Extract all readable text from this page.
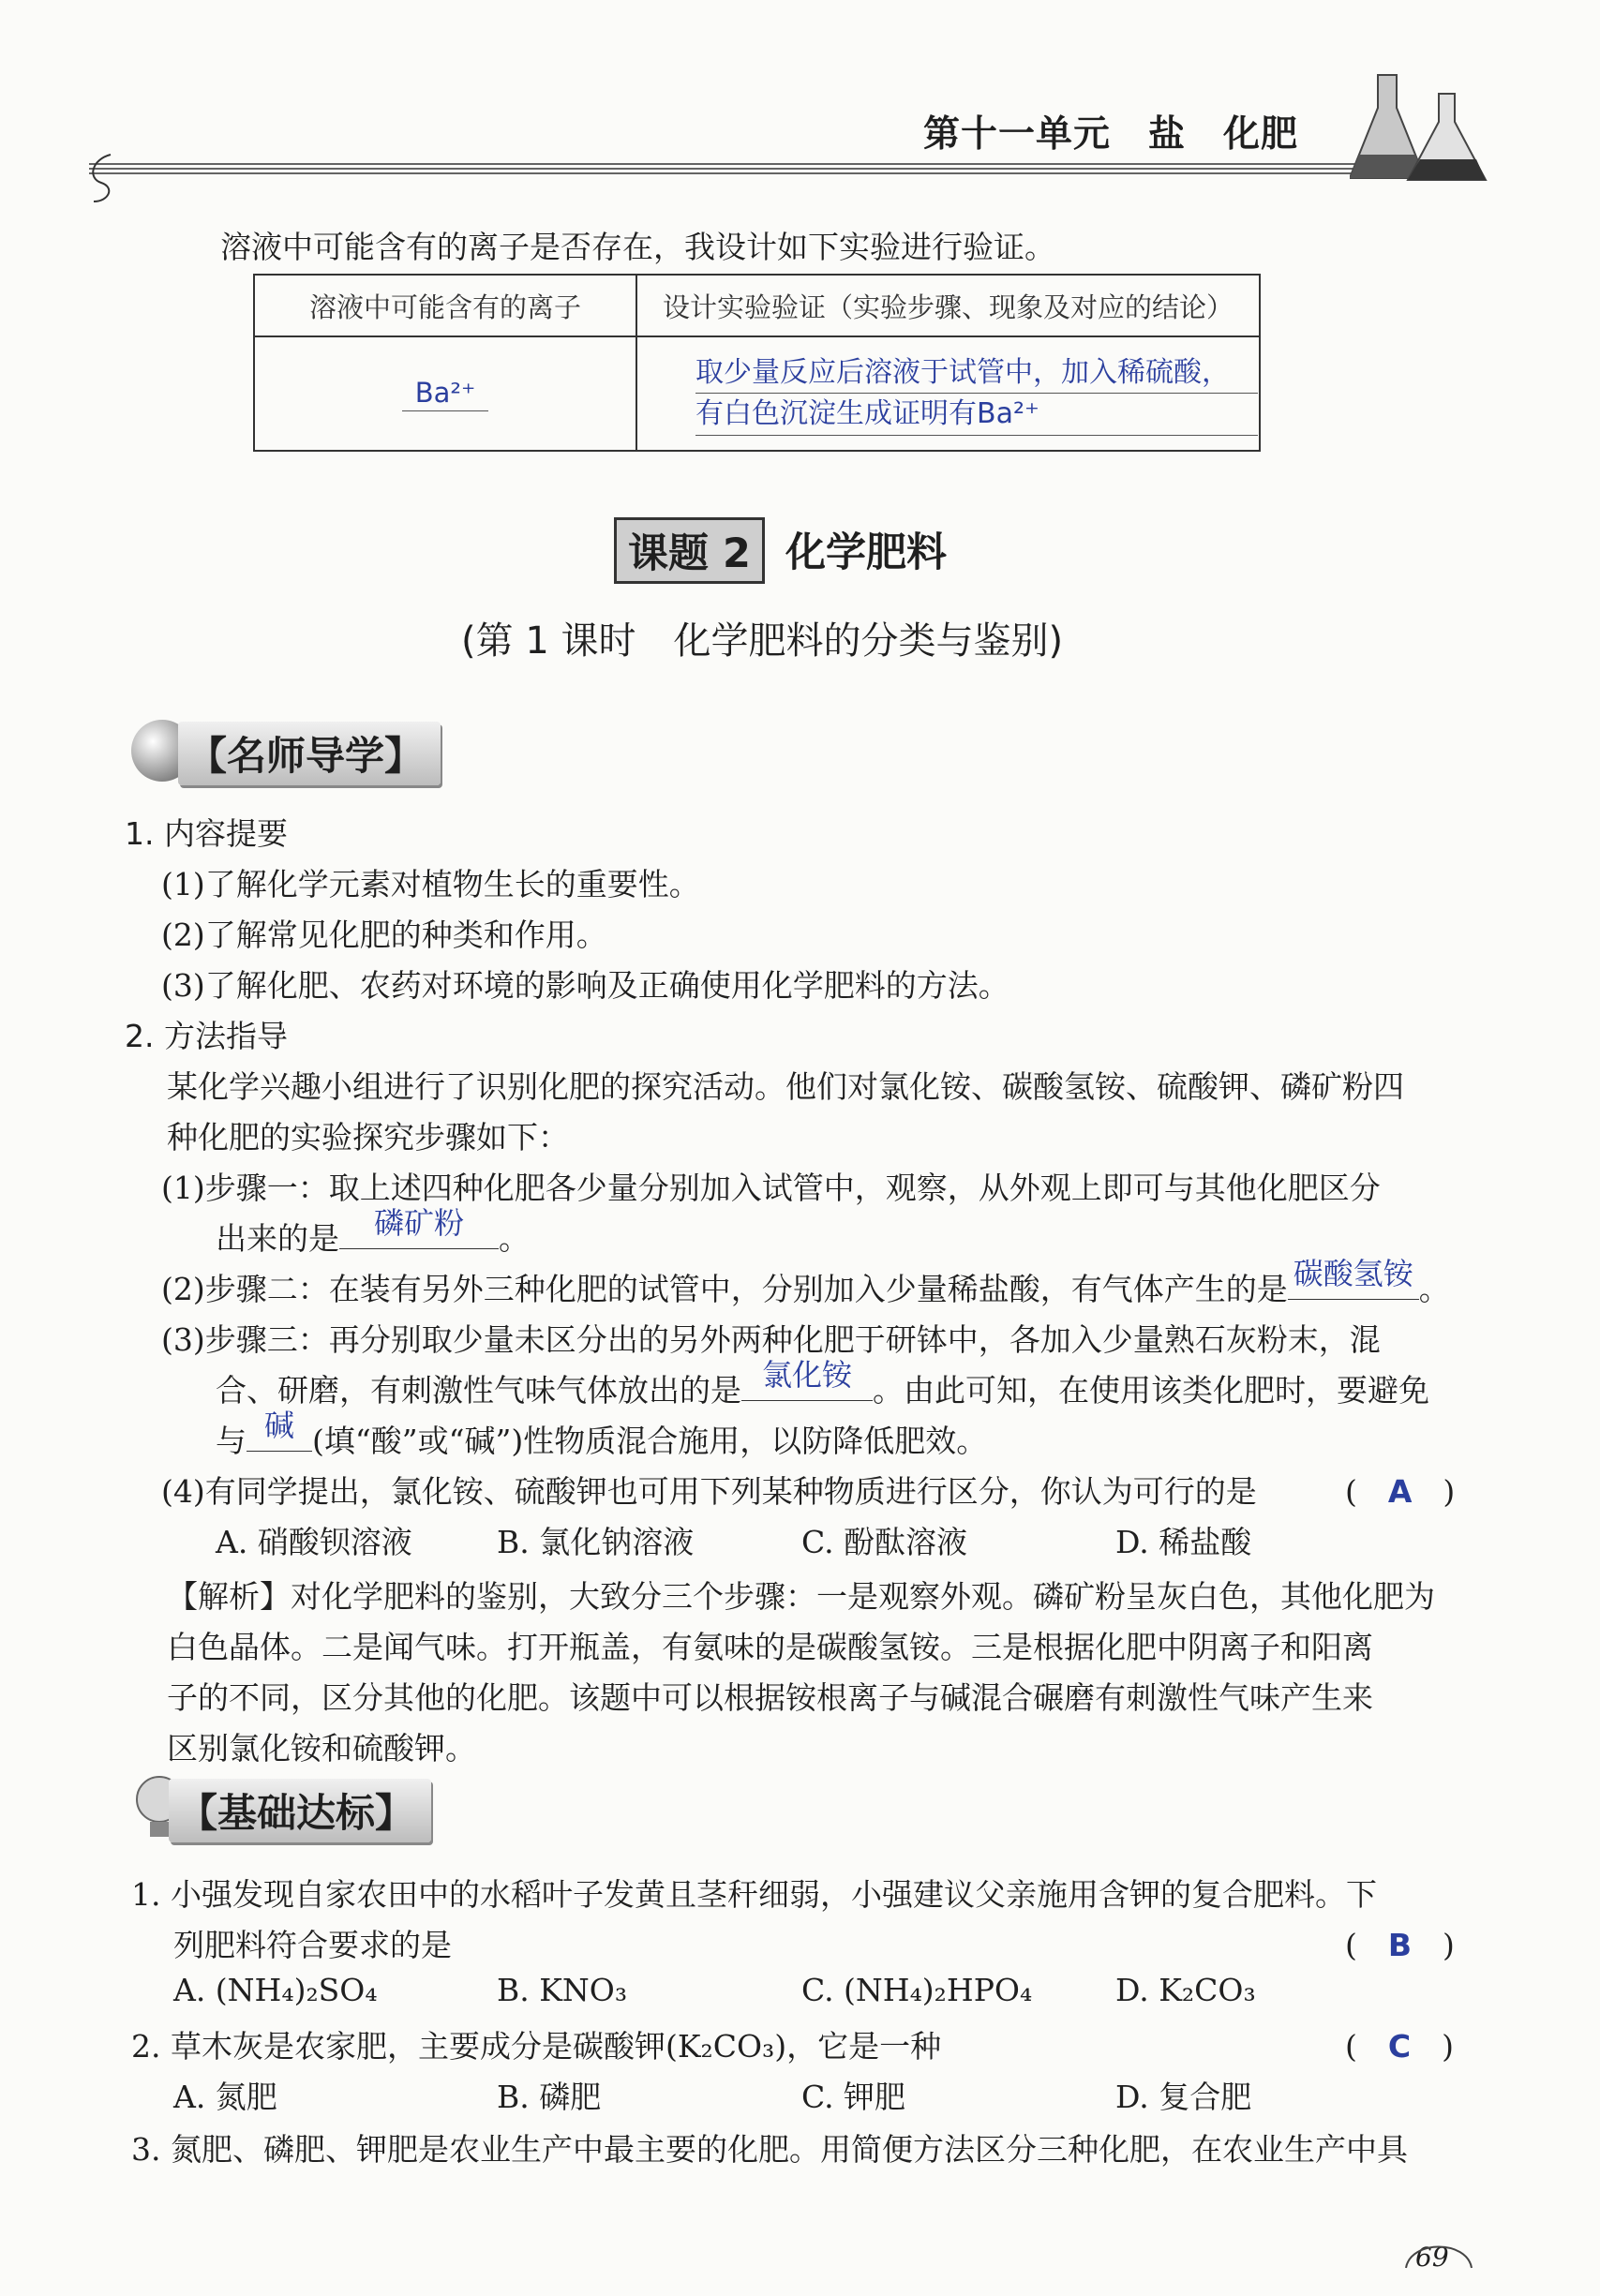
第十一单元　盐　化肥
溶液中可能含有的离子是否存在，我设计如下实验进行验证。
溶液中可能含有的离子	设计实验验证（实验步骤、现象及对应的结论）
Ba²⁺	取少量反应后溶液于试管中，加入稀硫酸，
有白色沉淀生成证明有Ba²⁺
课题 2 化学肥料
(第 1 课时　化学肥料的分类与鉴别)
【名师导学】
1. 内容提要
(1)了解化学元素对植物生长的重要性。
(2)了解常见化肥的种类和作用。
(3)了解化肥、农药对环境的影响及正确使用化学肥料的方法。
2. 方法指导
某化学兴趣小组进行了识别化肥的探究活动。他们对氯化铵、碳酸氢铵、硫酸钾、磷矿粉四
种化肥的实验探究步骤如下：
(1)步骤一：取上述四种化肥各少量分别加入试管中，观察，从外观上即可与其他化肥区分
出来的是	磷矿粉	。
(2)步骤二：在装有另外三种化肥的试管中，分别加入少量稀盐酸，有气体产生的是 碳酸氢铵 。
(3)步骤三：再分别取少量未区分出的另外两种化肥于研钵中，各加入少量熟石灰粉末，混
合、研磨，有刺激性气味气体放出的是 氯化铵 。由此可知，在使用该类化肥时，要避免
与 碱 (填“酸”或“碱”)性物质混合施用，以防降低肥效。
(4)有同学提出，氯化铵、硫酸钾也可用下列某种物质进行区分，你认为可行的是	(　A　)
A. 硝酸钡溶液	B. 氯化钠溶液	C. 酚酞溶液	D. 稀盐酸
【解析】对化学肥料的鉴别，大致分三个步骤：一是观察外观。磷矿粉呈灰白色，其他化肥为
白色晶体。二是闻气味。打开瓶盖，有氨味的是碳酸氢铵。三是根据化肥中阴离子和阳离
子的不同，区分其他的化肥。该题中可以根据铵根离子与碱混合碾磨有刺激性气味产生来
区别氯化铵和硫酸钾。
【基础达标】
1. 小强发现自家农田中的水稻叶子发黄且茎秆细弱，小强建议父亲施用含钾的复合肥料。下
列肥料符合要求的是	(　B　)
A. (NH₄)₂SO₄	B. KNO₃	C. (NH₄)₂HPO₄	D. K₂CO₃
2. 草木灰是农家肥，主要成分是碳酸钾(K₂CO₃)，它是一种	(　C　)
A. 氮肥	B. 磷肥	C. 钾肥	D. 复合肥
3. 氮肥、磷肥、钾肥是农业生产中最主要的化肥。用简便方法区分三种化肥，在农业生产中具
69
